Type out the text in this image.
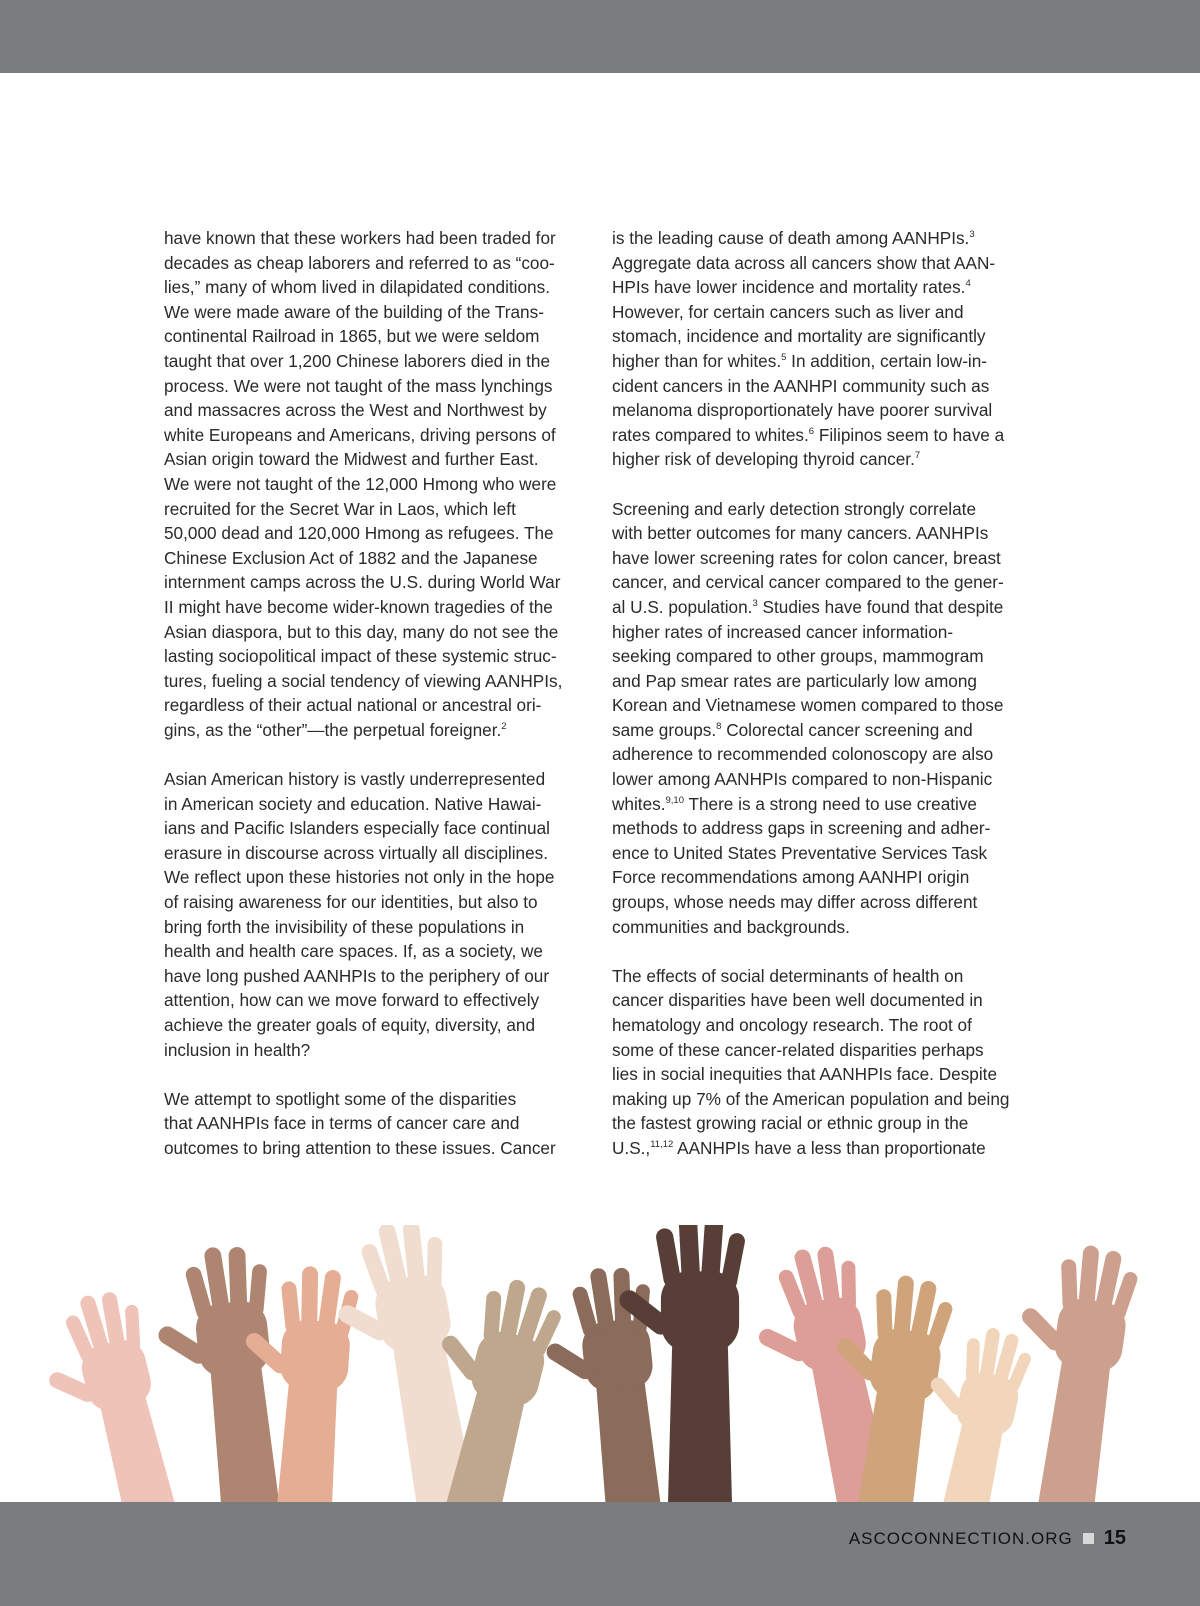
have known that these workers had been traded for
decades as cheap laborers and referred to as “coo-
lies,” many of whom lived in dilapidated conditions.
We were made aware of the building of the Trans-
continental Railroad in 1865, but we were seldom
taught that over 1,200 Chinese laborers died in the
process. We were not taught of the mass lynchings
and massacres across the West and Northwest by
white Europeans and Americans, driving persons of
Asian origin toward the Midwest and further East.
We were not taught of the 12,000 Hmong who were
recruited for the Secret War in Laos, which left
50,000 dead and 120,000 Hmong as refugees. The
Chinese Exclusion Act of 1882 and the Japanese
internment camps across the U.S. during World War
II might have become wider-known tragedies of the
Asian diaspora, but to this day, many do not see the
lasting sociopolitical impact of these systemic struc-
tures, fueling a social tendency of viewing AANHPIs,
regardless of their actual national or ancestral ori-
gins, as the “other”—the perpetual foreigner.$^2$
Asian American history is vastly underrepresented
in American society and education. Native Hawai-
ians and Pacific Islanders especially face continual
erasure in discourse across virtually all disciplines.
We reflect upon these histories not only in the hope
of raising awareness for our identities, but also to
bring forth the invisibility of these populations in
health and health care spaces. If, as a society, we
have long pushed AANHPIs to the periphery of our
attention, how can we move forward to effectively
achieve the greater goals of equity, diversity, and
inclusion in health?
We attempt to spotlight some of the disparities
that AANHPIs face in terms of cancer care and
outcomes to bring attention to these issues. Cancer
is the leading cause of death among AANHPIs.$^3$
Aggregate data across all cancers show that AAN-
HPIs have lower incidence and mortality rates.$^4$
However, for certain cancers such as liver and
stomach, incidence and mortality are significantly
higher than for whites.$^5$ In addition, certain low-in-
cident cancers in the AANHPI community such as
melanoma disproportionately have poorer survival
rates compared to whites.$^6$ Filipinos seem to have a
higher risk of developing thyroid cancer.$^7$
Screening and early detection strongly correlate
with better outcomes for many cancers. AANHPIs
have lower screening rates for colon cancer, breast
cancer, and cervical cancer compared to the gener-
al U.S. population.$^3$ Studies have found that despite
higher rates of increased cancer information-
seeking compared to other groups, mammogram
and Pap smear rates are particularly low among
Korean and Vietnamese women compared to those
same groups.$^8$ Colorectal cancer screening and
adherence to recommended colonoscopy are also
lower among AANHPIs compared to non-Hispanic
whites.$^{9,10}$ There is a strong need to use creative
methods to address gaps in screening and adher-
ence to United States Preventative Services Task
Force recommendations among AANHPI origin
groups, whose needs may differ across different
communities and backgrounds.
The effects of social determinants of health on
cancer disparities have been well documented in
hematology and oncology research. The root of
some of these cancer-related disparities perhaps
lies in social inequities that AANHPIs face. Despite
making up 7% of the American population and being
the fastest growing racial or ethnic group in the
U.S.,$^{11,12}$ AANHPIs have a less than proportionate
ASCOCONNECTION.ORG 15
